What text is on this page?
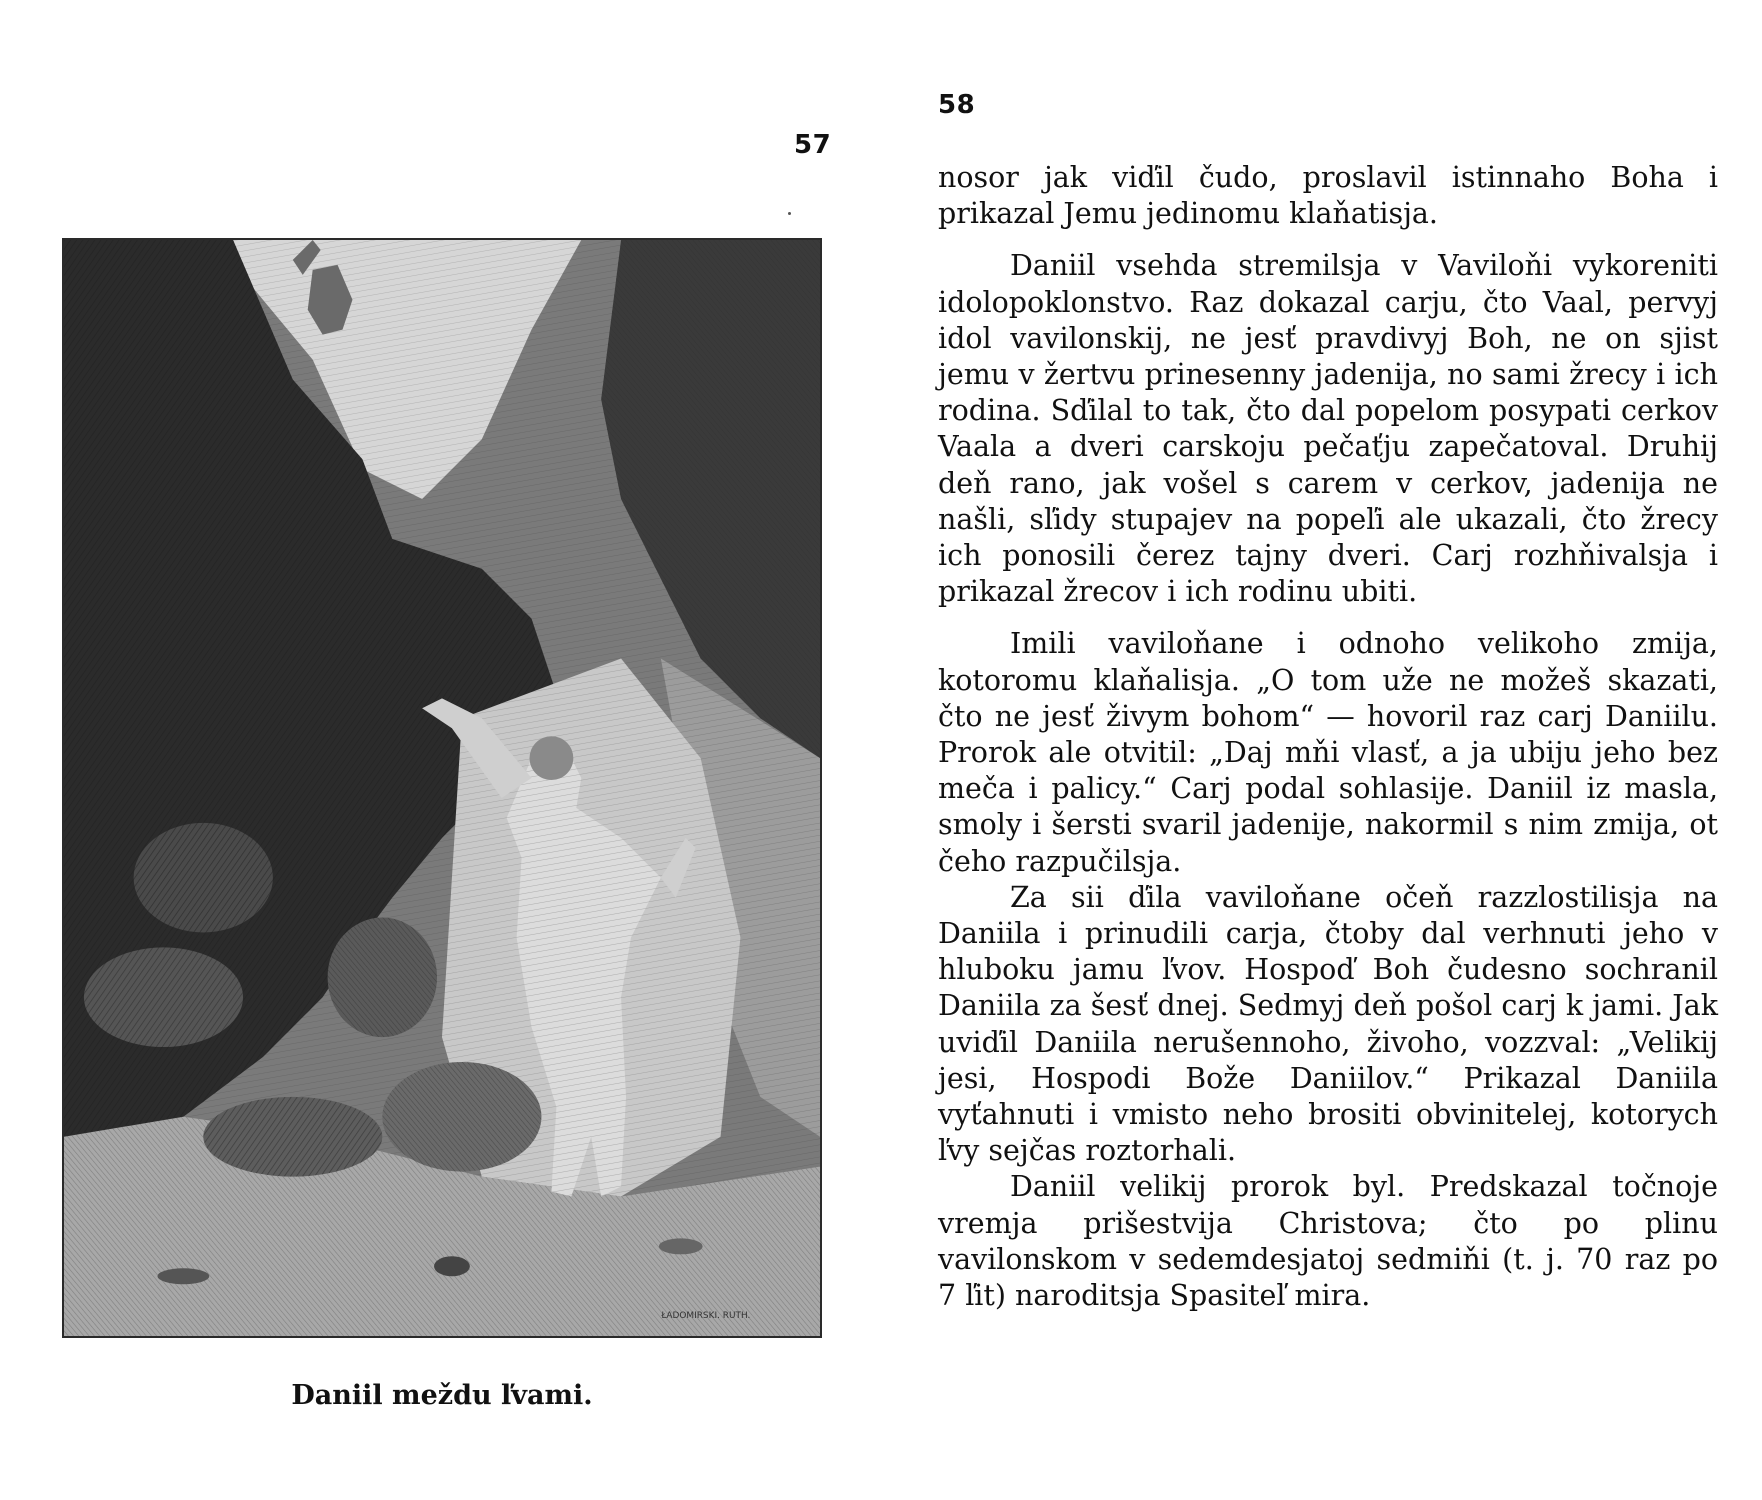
57
ŁADOMIRSKI. RUTH.
Daniil meždu ľvami.
58

nosor jak viďil čudo, proslavil istinnaho Boha i prikazal Jemu jedinomu klaňatisja.

Daniil vsehda stremilsja v Vaviloňi vykoreniti idolopoklonstvo. Raz dokazal carju, čto Vaal, pervyj idol vavilonskij, ne jesť pravdivyj Boh, ne on sjist jemu v žertvu prinesenny jadenija, no sami žrecy i ich rodina. Sďilal to tak, čto dal popelom posypati cerkov Vaala a dveri carskoju pečaťju zapečatoval. Druhij deň rano, jak vošel s carem v cerkov, jadenija ne našli, sľidy stupajev na popeľi ale ukazali, čto žrecy ich ponosili čerez tajny dveri. Carj rozhňivalsja i prikazal žrecov i ich rodinu ubiti.

Imili vaviloňane i odnoho velikoho zmija, kotoromu klaňalisja. „O tom uže ne možeš skazati, čto ne jesť živym bohom“ — hovoril raz carj Daniilu. Prorok ale otvitil: „Daj mňi vlasť, a ja ubiju jeho bez meča i palicy.“ Carj podal sohlasije. Daniil iz masla, smoly i šersti svaril jadenije, nakormil s nim zmija, ot čeho razpučilsja.

Za sii ďila vaviloňane očeň razzlostilisja na Daniila i prinudili carja, čtoby dal verhnuti jeho v hluboku jamu ľvov. Hospoď Boh čudesno sochranil Daniila za šesť dnej. Sedmyj deň pošol carj k jami. Jak uviďil Daniila nerušennoho, živoho, vozzval: „Velikij jesi, Hospodi Bože Daniilov.“ Prikazal Daniila vyťahnuti i vmisto neho brositi obvinitelej, kotorych ľvy sejčas roztorhali.

Daniil velikij prorok byl. Predskazal točnoje vremja prišestvija Christova; čto po plinu vavilonskom v sedemdesjatoj sedmiňi (t. j. 70 raz po 7 ľit) naroditsja Spasiteľ mira.
